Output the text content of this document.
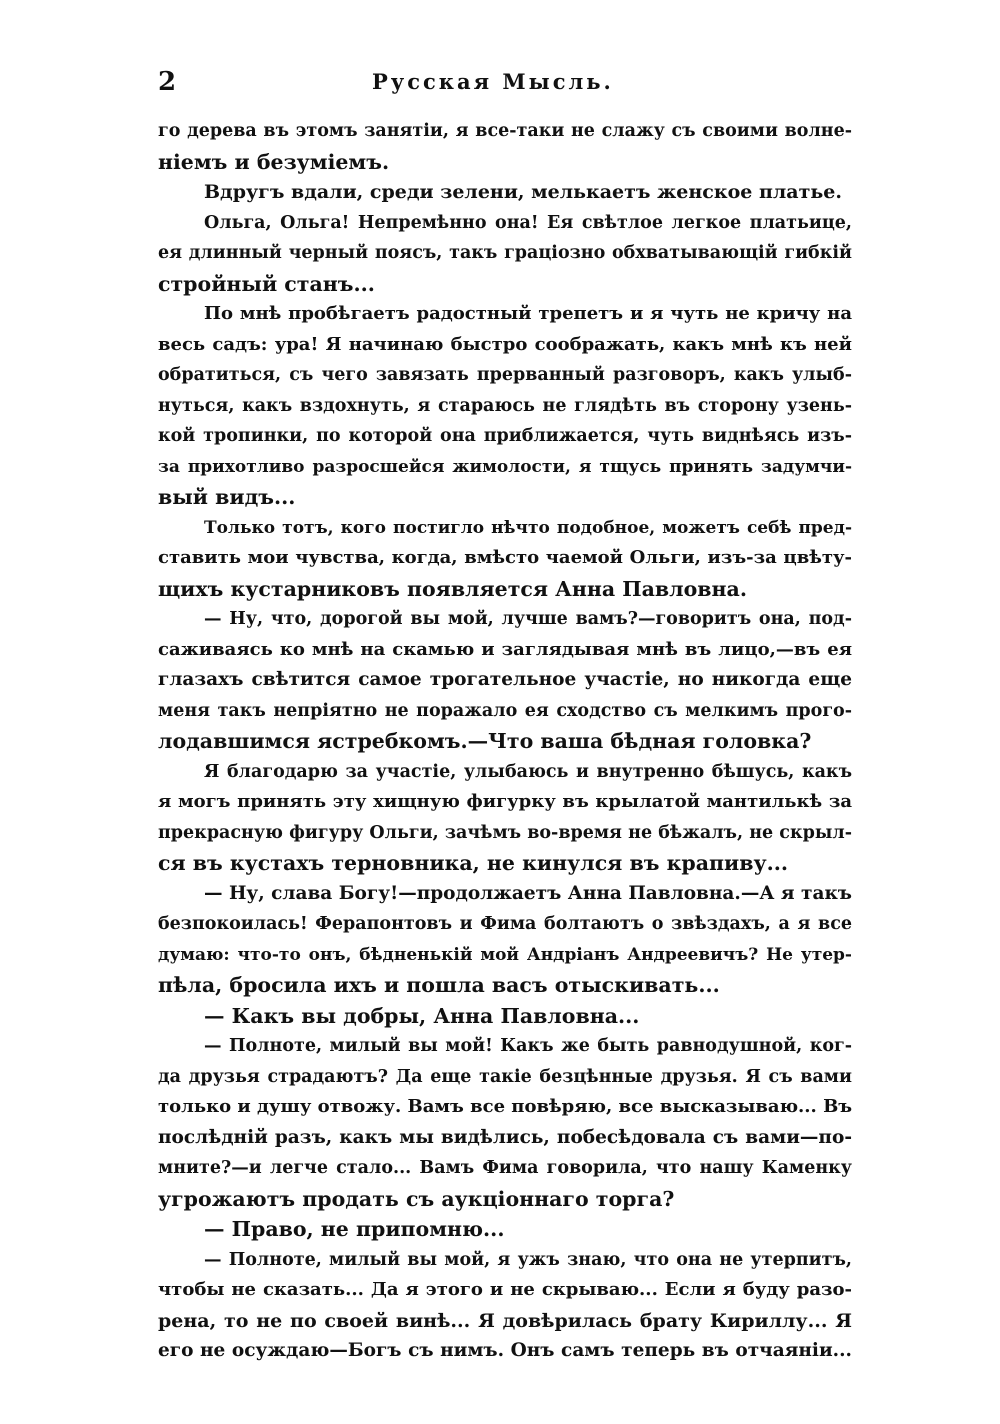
2	Русская Мысль.
го дерева въ этомъ занятіи, я все-таки не слажу съ своими волне-
ніемъ и безуміемъ.
Вдругъ вдали, среди зелени, мелькаетъ женское платье.
Ольга, Ольга! Непремѣнно она! Ея свѣтлое легкое платьице,
ея длинный черный поясъ, такъ граціозно обхватывающій гибкій
стройный станъ...
По мнѣ пробѣгаетъ радостный трепетъ и я чуть не кричу на
весь садъ: ура! Я начинаю быстро соображать, какъ мнѣ къ ней
обратиться, съ чего завязать прерванный разговоръ, какъ улыб-
нуться, какъ вздохнуть, я стараюсь не глядѣть въ сторону узень-
кой тропинки, по которой она приближается, чуть виднѣясь изъ-
за прихотливо разросшейся жимолости, я тщусь принять задумчи-
вый видъ...
Только тотъ, кого постигло нѣчто подобное, можетъ себѣ пред-
ставить мои чувства, когда, вмѣсто чаемой Ольги, изъ-за цвѣту-
щихъ кустарниковъ появляется Анна Павловна.
— Ну, что, дорогой вы мой, лучше вамъ?—говоритъ она, под-
саживаясь ко мнѣ на скамью и заглядывая мнѣ въ лицо,—въ ея
глазахъ свѣтится самое трогательное участіе, но никогда еще
меня такъ непріятно не поражало ея сходство съ мелкимъ прого-
лодавшимся ястребкомъ.—Что ваша бѣдная головка?
Я благодарю за участіе, улыбаюсь и внутренно бѣшусь, какъ
я могъ принять эту хищную фигурку въ крылатой мантилькѣ за
прекрасную фигуру Ольги, зачѣмъ во-время не бѣжалъ, не скрыл-
ся въ кустахъ терновника, не кинулся въ крапиву...
— Ну, слава Богу!—продолжаетъ Анна Павловна.—А я такъ
безпокоилась! Ферапонтовъ и Фима болтаютъ о звѣздахъ, а я все
думаю: что-то онъ, бѣдненькій мой Андріанъ Андреевичъ? Не утер-
пѣла, бросила ихъ и пошла васъ отыскивать...
— Какъ вы добры, Анна Павловна...
— Полноте, милый вы мой! Какъ же быть равнодушной, ког-
да друзья страдаютъ? Да еще такіе безцѣнные друзья. Я съ вами
только и душу отвожу. Вамъ все повѣряю, все высказываю... Въ
послѣдній разъ, какъ мы видѣлись, побесѣдовала съ вами—по-
мните?—и легче стало... Вамъ Фима говорила, что нашу Каменку
угрожаютъ продать съ аукціоннаго торга?
— Право, не припомню...
— Полноте, милый вы мой, я ужъ знаю, что она не утерпитъ,
чтобы не сказать... Да я этого и не скрываю... Если я буду разо-
рена, то не по своей винѣ... Я довѣрилась брату Кириллу... Я
его не осуждаю—Богъ съ нимъ. Онъ самъ теперь въ отчаяніи...
